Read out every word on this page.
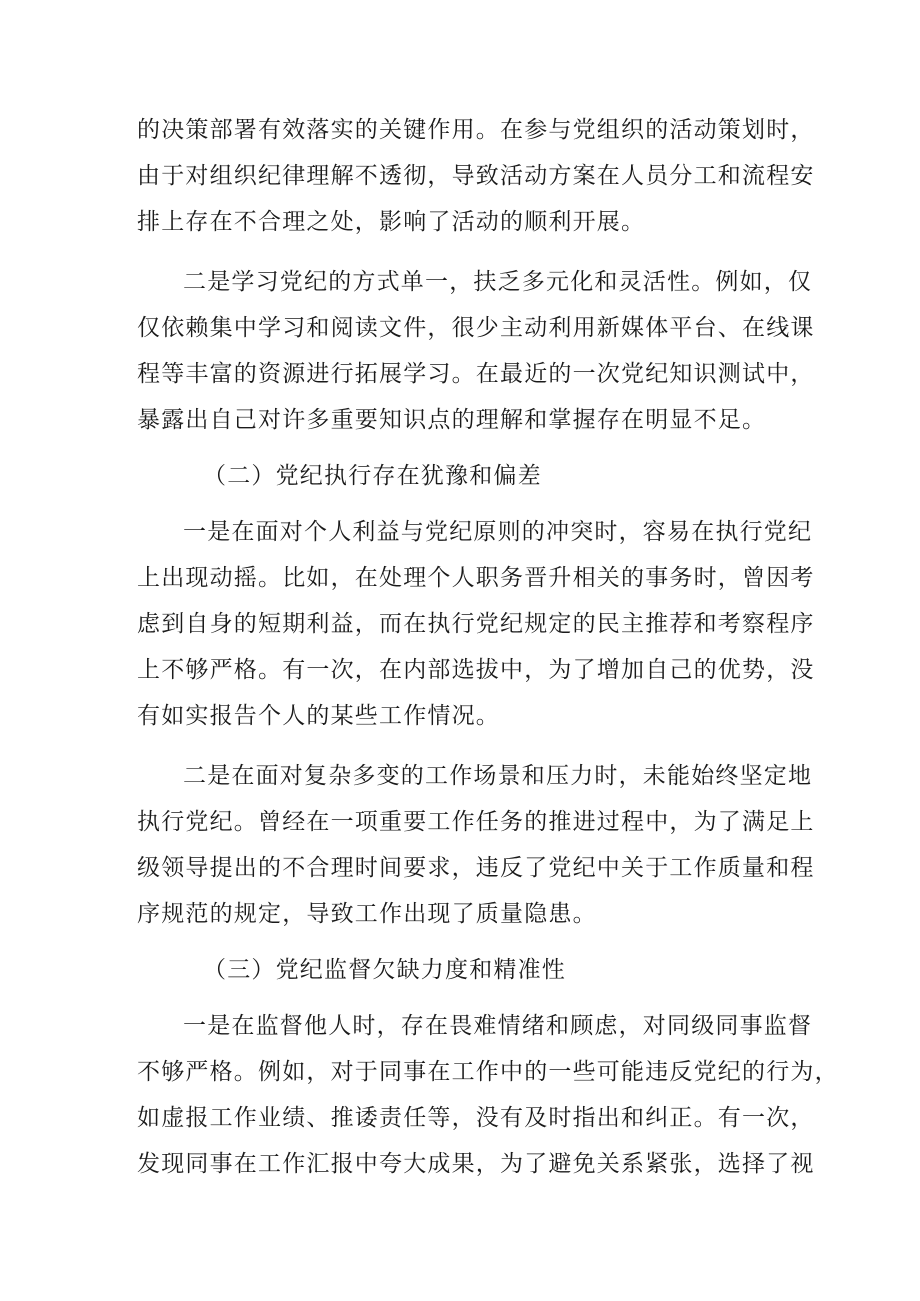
的决策部署有效落实的关键作用。在参与党组织的活动策划时，
由于对组织纪律理解不透彻，导致活动方案在人员分工和流程安
排上存在不合理之处，影响了活动的顺利开展。
二是学习党纪的方式单一，扶乏多元化和灵活性。例如，仅
仅依赖集中学习和阅读文件，很少主动利用新媒体平台、在线课
程等丰富的资源进行拓展学习。在最近的一次党纪知识测试中，
暴露出自己对许多重要知识点的理解和掌握存在明显不足。
（二）党纪执行存在犹豫和偏差
一是在面对个人利益与党纪原则的冲突时，容易在执行党纪
上出现动摇。比如，在处理个人职务晋升相关的事务时，曾因考
虑到自身的短期利益，而在执行党纪规定的民主推荐和考察程序
上不够严格。有一次，在内部选拔中，为了增加自己的优势，没
有如实报告个人的某些工作情况。
二是在面对复杂多变的工作场景和压力时，未能始终坚定地
执行党纪。曾经在一项重要工作任务的推进过程中，为了满足上
级领导提出的不合理时间要求，违反了党纪中关于工作质量和程
序规范的规定，导致工作出现了质量隐患。
（三）党纪监督欠缺力度和精准性
一是在监督他人时，存在畏难情绪和顾虑，对同级同事监督
不够严格。例如，对于同事在工作中的一些可能违反党纪的行为，
如虚报工作业绩、推诿责任等，没有及时指出和纠正。有一次，
发现同事在工作汇报中夸大成果，为了避免关系紧张，选择了视
